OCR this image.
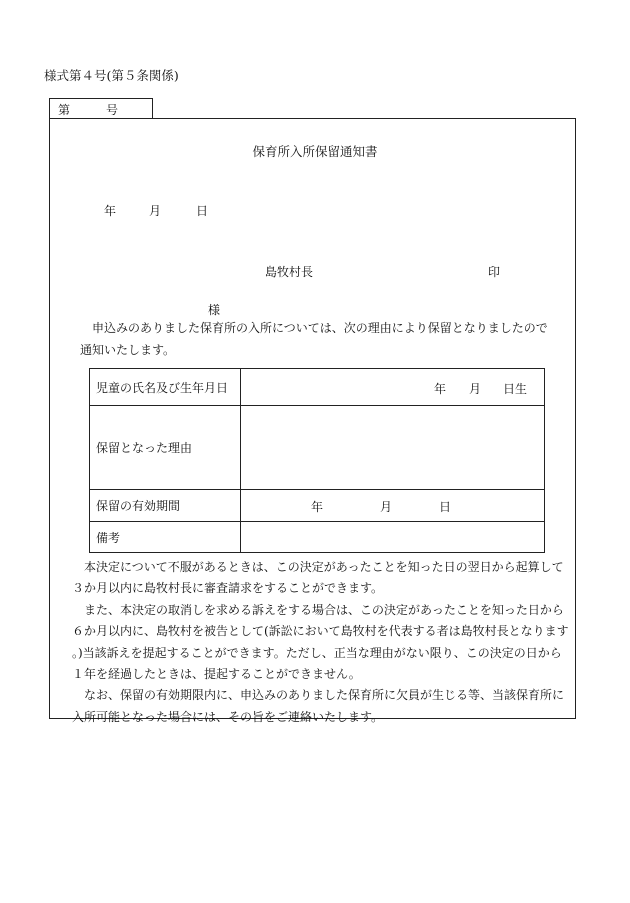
様式第４号(第５条関係)
第	号
保育所入所保留通知書
年	月	日
島牧村長	印
様
申込みのありました保育所の入所については、次の理由により保留となりましたので
通知いたします。
児童の氏名及び生年月日	年 月 日生

保留となった理由	
保留の有効期間	年 月 日

備考	

　本決定について不服があるときは、この決定があったことを知った日の翌日から起算して

３か月以内に島牧村長に審査請求をすることができます。

　また、本決定の取消しを求める訴えをする場合は、この決定があったことを知った日から

６か月以内に、島牧村を被告として(訴訟において島牧村を代表する者は島牧村長となります

。)当該訴えを提起することができます。ただし、正当な理由がない限り、この決定の日から

１年を経過したときは、提起することができません。

　なお、保留の有効期限内に、申込みのありました保育所に欠員が生じる等、当該保育所に

入所可能となった場合には、その旨をご連絡いたします。
